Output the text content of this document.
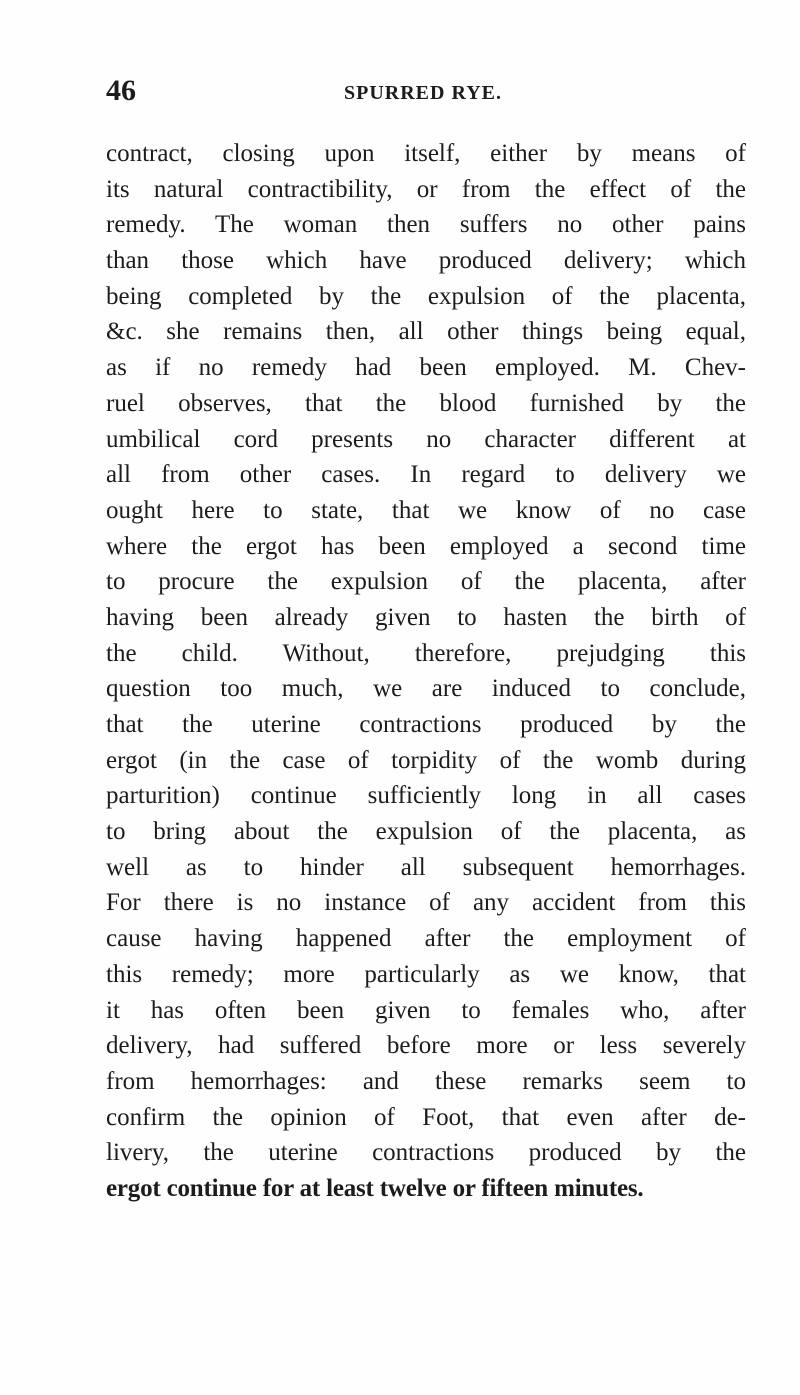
46	SPURRED RYE.
contract, closing upon itself, either by means of
its natural contractibility, or from the effect of the
remedy. The woman then suffers no other pains
than those which have produced delivery; which
being completed by the expulsion of the placenta,
&c. she remains then, all other things being equal,
as if no remedy had been employed. M. Chev-
ruel observes, that the blood furnished by the
umbilical cord presents no character different at
all from other cases. In regard to delivery we
ought here to state, that we know of no case
where the ergot has been employed a second time
to procure the expulsion of the placenta, after
having been already given to hasten the birth of
the child. Without, therefore, prejudging this
question too much, we are induced to conclude,
that the uterine contractions produced by the
ergot (in the case of torpidity of the womb during
parturition) continue sufficiently long in all cases
to bring about the expulsion of the placenta, as
well as to hinder all subsequent hemorrhages.
For there is no instance of any accident from this
cause having happened after the employment of
this remedy; more particularly as we know, that
it has often been given to females who, after
delivery, had suffered before more or less severely
from hemorrhages: and these remarks seem to
confirm the opinion of Foot, that even after de-
livery, the uterine contractions produced by the
ergot continue for at least twelve or fifteen minutes.
